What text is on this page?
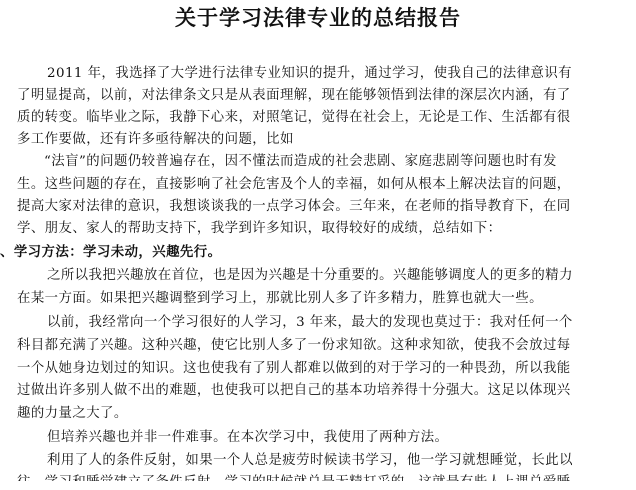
关于学习法律专业的总结报告
2011 年，我选择了大学进行法律专业知识的提升，通过学习，使我自己的法律意识有
了明显提高，以前，对法律条文只是从表面理解，现在能够领悟到法律的深层次内涵，有了
质的转变。临毕业之际，我静下心来，对照笔记，觉得在社会上，无论是工作、生活都有很
多工作要做，还有许多亟待解决的问题，比如
“法盲”的问题仍较普遍存在，因不懂法而造成的社会悲剧、家庭悲剧等问题也时有发
生。这些问题的存在，直接影响了社会危害及个人的幸福，如何从根本上解决法盲的问题，
提高大家对法律的意识，我想谈谈我的一点学习体会。三年来，在老师的指导教育下，在同
学、朋友、家人的帮助支持下，我学到许多知识，取得较好的成绩，总结如下：
、学习方法：学习未动，兴趣先行。
之所以我把兴趣放在首位，也是因为兴趣是十分重要的。兴趣能够调度人的更多的精力
在某一方面。如果把兴趣调整到学习上，那就比别人多了许多精力，胜算也就大一些。
以前，我经常向一个学习很好的人学习，3 年来，最大的发现也莫过于：我对任何一个
科目都充满了兴趣。这种兴趣，使它比别人多了一份求知欲。这种求知欲，使我不会放过每
一个从她身边划过的知识。这也使我有了别人都难以做到的对于学习的一种畏劲，所以我能
过做出许多别人做不出的难题，也使我可以把自己的基本功培养得十分强大。这足以体现兴
趣的力量之大了。
但培养兴趣也并非一件难事。在本次学习中，我使用了两种方法。
利用了人的条件反射，如果一个人总是疲劳时候读书学习，他一学习就想睡觉，长此以
